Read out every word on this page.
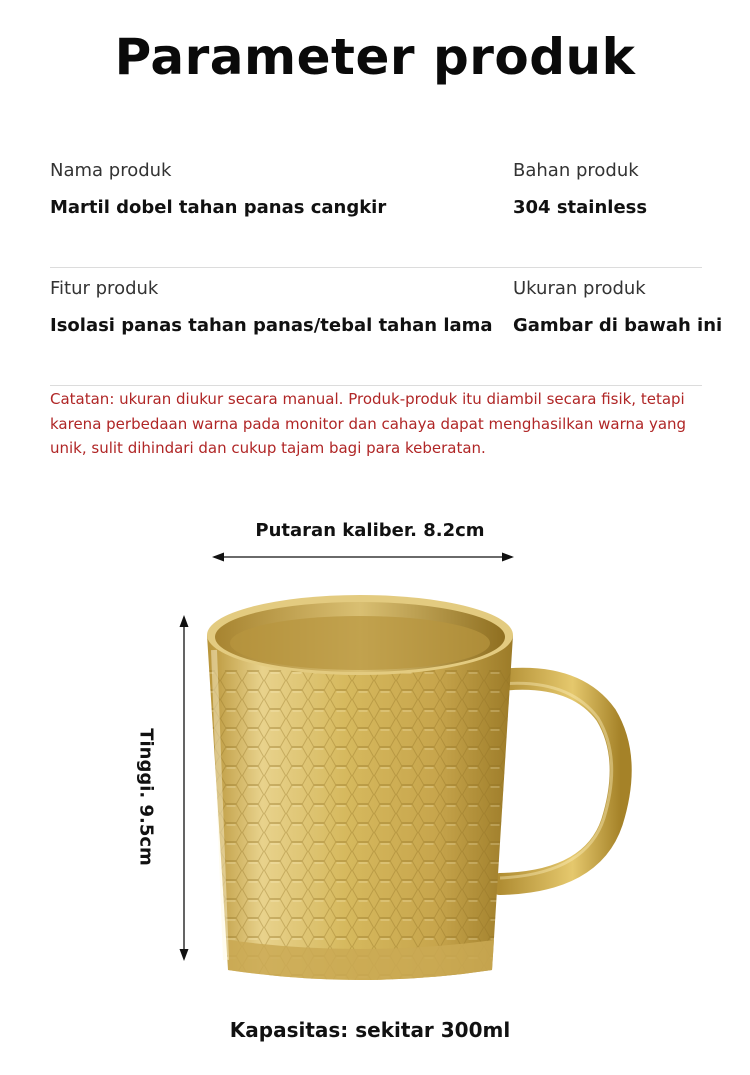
Parameter produk
Nama produk
Martil dobel tahan panas cangkir
Bahan produk
304 stainless
Fitur produk
Isolasi panas tahan panas/tebal tahan lama
Ukuran produk
Gambar di bawah ini
Catatan: ukuran diukur secara manual. Produk-produk itu diambil secara fisik, tetapi karena perbedaan warna pada monitor dan cahaya dapat menghasilkan warna yang unik, sulit dihindari dan cukup tajam bagi para keberatan.
Putaran kaliber. 8.2cm
Tinggi. 9.5cm
Kapasitas: sekitar 300ml
